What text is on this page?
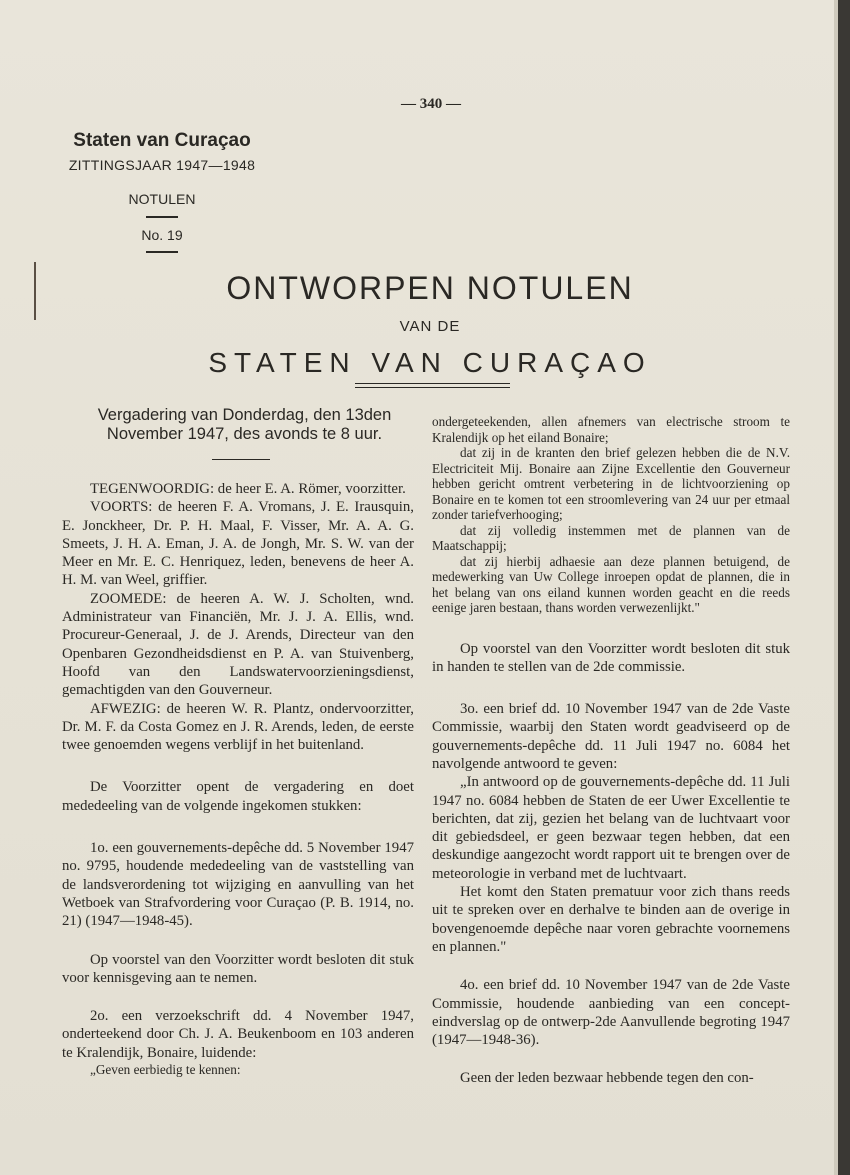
— 340 —
Staten van Curaçao
ZITTINGSJAAR 1947—1948
NOTULEN
No. 19
ONTWORPEN NOTULEN
VAN DE
STATEN VAN CURAÇAO
Vergadering van Donderdag, den 13den November 1947, des avonds te 8 uur.

TEGENWOORDIG: de heer E. A. Römer, voorzitter.

VOORTS: de heeren F. A. Vromans, J. E. Irausquin, E. Jonckheer, Dr. P. H. Maal, F. Visser, Mr. A. A. G. Smeets, J. H. A. Eman, J. A. de Jongh, Mr. S. W. van der Meer en Mr. E. C. Henriquez, leden, benevens de heer A. H. M. van Weel, griffier.

ZOOMEDE: de heeren A. W. J. Scholten, wnd. Administrateur van Financiën, Mr. J. J. A. Ellis, wnd. Procureur-Generaal, J. de J. Arends, Directeur van den Openbaren Gezondheidsdienst en P. A. van Stuivenberg, Hoofd van den Landswatervoorzieningsdienst, gemachtigden van den Gouverneur.

AFWEZIG: de heeren W. R. Plantz, ondervoorzitter, Dr. M. F. da Costa Gomez en J. R. Arends, leden, de eerste twee genoemden wegens verblijf in het buitenland.

De Voorzitter opent de vergadering en doet mededeeling van de volgende ingekomen stukken:

1o. een gouvernements-depêche dd. 5 November 1947 no. 9795, houdende mededeeling van de vaststelling van de landsverordening tot wijziging en aanvulling van het Wetboek van Strafvordering voor Curaçao (P. B. 1914, no. 21) (1947—1948-45).

Op voorstel van den Voorzitter wordt besloten dit stuk voor kennisgeving aan te nemen.

2o. een verzoekschrift dd. 4 November 1947, onderteekend door Ch. J. A. Beukenboom en 103 anderen te Kralendijk, Bonaire, luidende:

„Geven eerbiedig te kennen:

ondergeteekenden, allen afnemers van electrische stroom te Kralendijk op het eiland Bonaire;

dat zij in de kranten den brief gelezen hebben die de N.V. Electriciteit Mij. Bonaire aan Zijne Excellentie den Gouverneur hebben gericht omtrent verbetering in de lichtvoorziening op Bonaire en te komen tot een stroomlevering van 24 uur per etmaal zonder tariefverhooging;

dat zij volledig instemmen met de plannen van de Maatschappij;

dat zij hierbij adhaesie aan deze plannen betuigend, de medewerking van Uw College inroepen opdat de plannen, die in het belang van ons eiland kunnen worden geacht en die reeds eenige jaren bestaan, thans worden verwezenlijkt."

Op voorstel van den Voorzitter wordt besloten dit stuk in handen te stellen van de 2de commissie.

3o. een brief dd. 10 November 1947 van de 2de Vaste Commissie, waarbij den Staten wordt geadviseerd op de gouvernements-depêche dd. 11 Juli 1947 no. 6084 het navolgende antwoord te geven:

„In antwoord op de gouvernements-depêche dd. 11 Juli 1947 no. 6084 hebben de Staten de eer Uwer Excellentie te berichten, dat zij, gezien het belang van de luchtvaart voor dit gebiedsdeel, er geen bezwaar tegen hebben, dat een deskundige aangezocht wordt rapport uit te brengen over de meteorologie in verband met de luchtvaart.

Het komt den Staten prematuur voor zich thans reeds uit te spreken over en derhalve te binden aan de overige in bovengenoemde depêche naar voren gebrachte voornemens en plannen."

4o. een brief dd. 10 November 1947 van de 2de Vaste Commissie, houdende aanbieding van een concept-eindverslag op de ontwerp-2de Aanvullende begroting 1947 (1947—1948-36).

Geen der leden bezwaar hebbende tegen den con-
